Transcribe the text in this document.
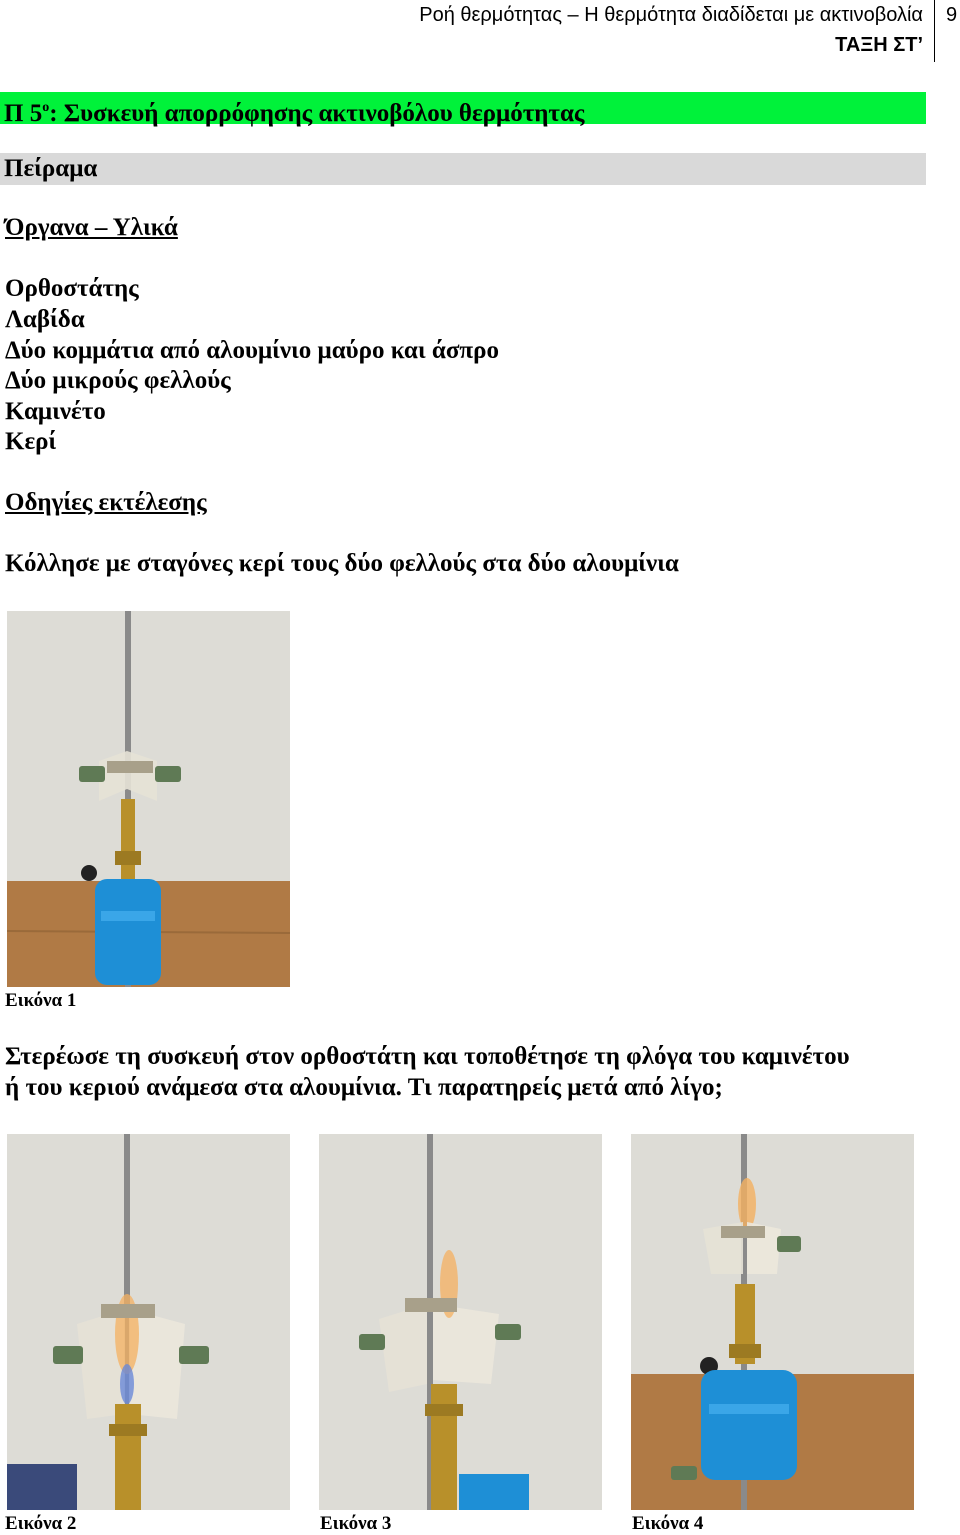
Ροή θερμότητας – Η θερμότητα διαδίδεται με ακτινοβολία
ΤΑΞΗ ΣΤ’
9
Π $5^o$: Συσκευή απορρόφησης ακτινοβόλου θερμότητας
Πείραμα
Όργανα – Υλικά
Ορθοστάτης
Λαβίδα
Δύο κομμάτια από αλουμίνιο μαύρο και άσπρο
Δύο μικρούς φελλούς
Καμινέτο
Κερί
Οδηγίες εκτέλεσης
Κόλλησε με σταγόνες κερί τους δύο φελλούς στα δύο αλουμίνια
Εικόνα 1
Στερέωσε τη συσκευή στον ορθοστάτη και τοποθέτησε τη φλόγα του καμινέτου
ή του κεριού ανάμεσα στα αλουμίνια. Τι παρατηρείς μετά από λίγο;
Εικόνα 2	Εικόνα 3	Εικόνα 4
